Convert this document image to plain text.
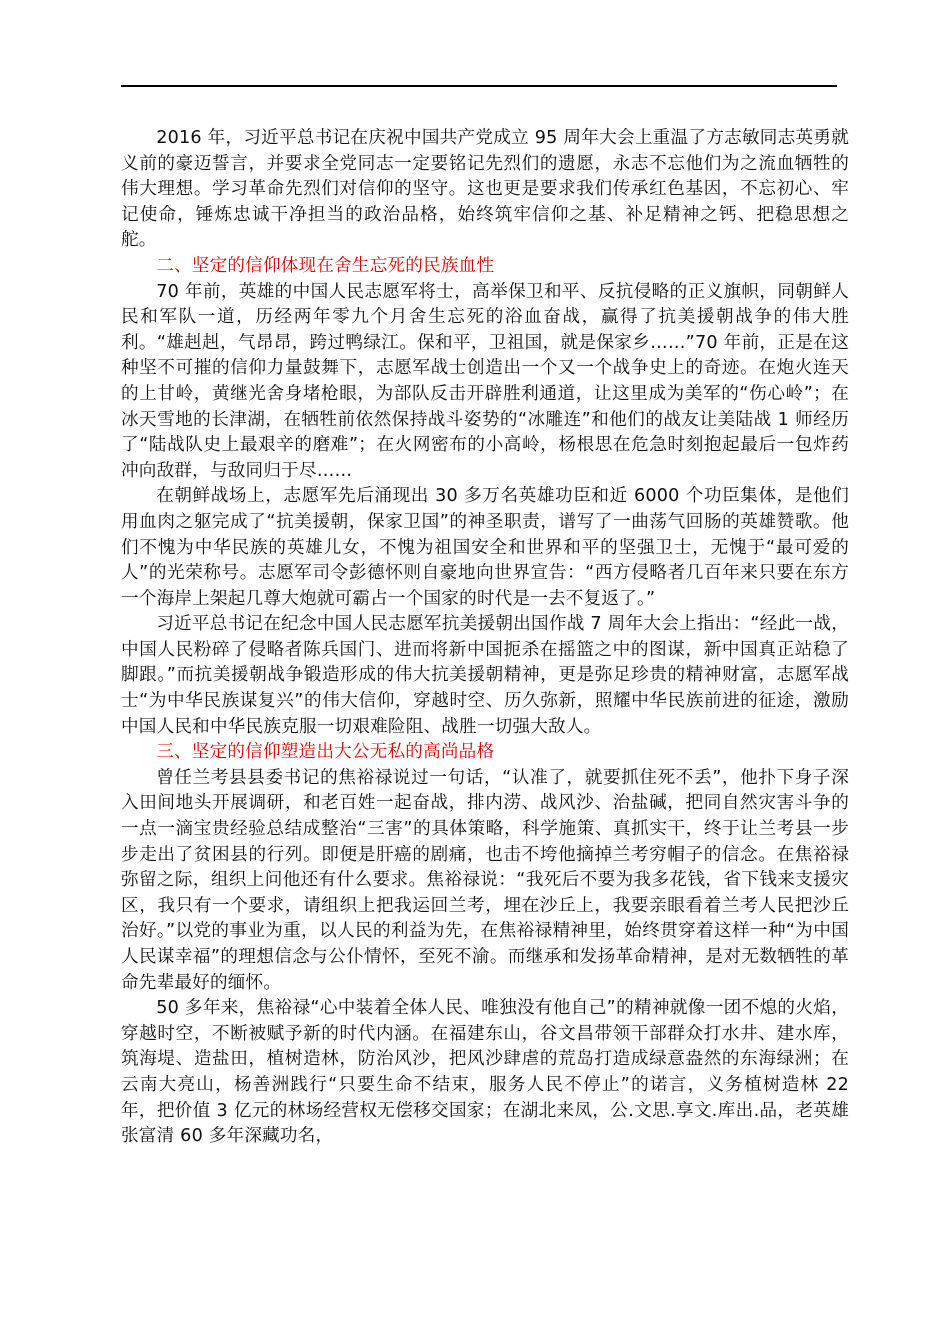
2016 年，习近平总书记在庆祝中国共产党成立 95 周年大会上重温了方志敏同志英勇就义前的豪迈誓言，并要求全党同志一定要铭记先烈们的遗愿，永志不忘他们为之流血牺牲的伟大理想。学习革命先烈们对信仰的坚守。这也更是要求我们传承红色基因，不忘初心、牢记使命，锤炼忠诚干净担当的政治品格，始终筑牢信仰之基、补足精神之钙、把稳思想之舵。

二、坚定的信仰体现在舍生忘死的民族血性

70 年前，英雄的中国人民志愿军将士，高举保卫和平、反抗侵略的正义旗帜，同朝鲜人民和军队一道，历经两年零九个月舍生忘死的浴血奋战，赢得了抗美援朝战争的伟大胜利。“雄赳赳，气昂昂，跨过鸭绿江。保和平，卫祖国，就是保家乡……”70 年前，正是在这种坚不可摧的信仰力量鼓舞下，志愿军战士创造出一个又一个战争史上的奇迹。在炮火连天的上甘岭，黄继光舍身堵枪眼，为部队反击开辟胜利通道，让这里成为美军的“伤心岭”；在冰天雪地的长津湖，在牺牲前依然保持战斗姿势的“冰雕连”和他们的战友让美陆战 1 师经历了“陆战队史上最艰辛的磨难”；在火网密布的小高岭，杨根思在危急时刻抱起最后一包炸药冲向敌群，与敌同归于尽……

在朝鲜战场上，志愿军先后涌现出 30 多万名英雄功臣和近 6000 个功臣集体，是他们用血肉之躯完成了“抗美援朝，保家卫国”的神圣职责，谱写了一曲荡气回肠的英雄赞歌。他们不愧为中华民族的英雄儿女，不愧为祖国安全和世界和平的坚强卫士，无愧于“最可爱的人”的光荣称号。志愿军司令彭德怀则自豪地向世界宣告：“西方侵略者几百年来只要在东方一个海岸上架起几尊大炮就可霸占一个国家的时代是一去不复返了。”

习近平总书记在纪念中国人民志愿军抗美援朝出国作战 7 周年大会上指出：“经此一战，中国人民粉碎了侵略者陈兵国门、进而将新中国扼杀在摇篮之中的图谋，新中国真正站稳了脚跟。”而抗美援朝战争锻造形成的伟大抗美援朝精神，更是弥足珍贵的精神财富，志愿军战士“为中华民族谋复兴”的伟大信仰，穿越时空、历久弥新，照耀中华民族前进的征途，激励中国人民和中华民族克服一切艰难险阻、战胜一切强大敌人。

三、坚定的信仰塑造出大公无私的高尚品格

曾任兰考县县委书记的焦裕禄说过一句话，“认准了，就要抓住死不丢”，他扑下身子深入田间地头开展调研，和老百姓一起奋战，排内涝、战风沙、治盐碱，把同自然灾害斗争的一点一滴宝贵经验总结成整治“三害”的具体策略，科学施策、真抓实干，终于让兰考县一步步走出了贫困县的行列。即便是肝癌的剧痛，也击不垮他摘掉兰考穷帽子的信念。在焦裕禄弥留之际，组织上问他还有什么要求。焦裕禄说：“我死后不要为我多花钱，省下钱来支援灾区，我只有一个要求，请组织上把我运回兰考，埋在沙丘上，我要亲眼看着兰考人民把沙丘治好。”以党的事业为重，以人民的利益为先，在焦裕禄精神里，始终贯穿着这样一种“为中国人民谋幸福”的理想信念与公仆情怀，至死不渝。而继承和发扬革命精神，是对无数牺牲的革命先辈最好的缅怀。

50 多年来，焦裕禄“心中装着全体人民、唯独没有他自己”的精神就像一团不熄的火焰，穿越时空，不断被赋予新的时代内涵。在福建东山，谷文昌带领干部群众打水井、建水库，筑海堤、造盐田，植树造林，防治风沙，把风沙肆虐的荒岛打造成绿意盎然的东海绿洲；在云南大亮山，杨善洲践行“只要生命不结束，服务人民不停止”的诺言，义务植树造林 22 年，把价值 3 亿元的林场经营权无偿移交国家；在湖北来凤，公.文思.享文.库出.品，老英雄张富清 60 多年深藏功名，
